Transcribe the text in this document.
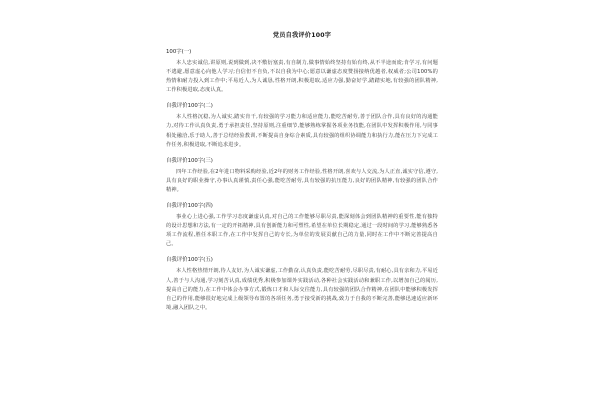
党员自我评价100字
100字(一)

本人忠实诚信,讲原则,说到做到,决不敷衍塞责,有自制力,做事情始终坚持有始有终,从不半途而废;肯学习,有问题不逃避,愿意虚心向他人学习;自信但不自负,不以自我为中心;愿意以谦虚态度赞扬接纳优越者,权威者;公司100%的热情和耐力投入到工作中;平易近人,为人诚恳,性格开朗,积极进取,适应力强,勤奋好学,踏踏实地,有较强的团队精神,工作积极进取,态度认真。

自我评价100字(二)

本人性格沉稳,为人诚实,踏实肯干,有较强的学习能力和适应能力,能吃苦耐劳,善于团队合作,具有良好的沟通能力,对待工作认真负责,勇于承担责任,坚持原则,注重细节,能够熟练掌握各项业务技能,在团队中发挥积极作用,与同事相处融洽,乐于助人,善于总结经验教训,不断提高自身综合素质,具有较强的组织协调能力和执行力,能在压力下完成工作任务,积极进取,不断追求进步。

自我评价100字(三)

四年工作经验,在2年进口物料采购经验,近2年的财务工作经验,性格开朗,喜欢与人交流,为人正直,诚实守信,遵守,具有良好的职业操守,办事认真谨慎,责任心强,能吃苦耐劳,具有较强的抗压能力,良好的团队精神,有较强的团队合作精神。

自我评价100字(四)

事业心上进心强,工作学习态度谦虚认真,对自己的工作能够尽职尽责,能深刻体会到团队精神的重要性,能有独特的设计思想和方法,有一定的开拓精神,具有创新能力和可塑性,希望在单位长期稳定,通过一段时间的学习,能够熟悉各项工作流程,胜任本职工作,在工作中发挥自己的专长,为单位的发展贡献自己的力量,同时在工作中不断完善提高自己。

自我评价100字(五)

本人性格热情开朗,待人友好,为人诚实谦虚,工作勤奋,认真负责,能吃苦耐劳,尽职尽责,有耐心,具有亲和力,平易近人,善于与人沟通,学习刻苦认真,成绩优秀,积极参加课外实践活动,各种社会实践活动和兼职工作,以增加自己的阅历,提高自己的能力,在工作中体会办事方式,锻炼口才和人际交往能力,具有较强的团队合作精神,在团队中能够积极发挥自己的作用,能够很好地完成上级领导布置的各项任务,勇于接受新的挑战,致力于自我的不断完善,能够迅速适应新环境,融入团队之中。
